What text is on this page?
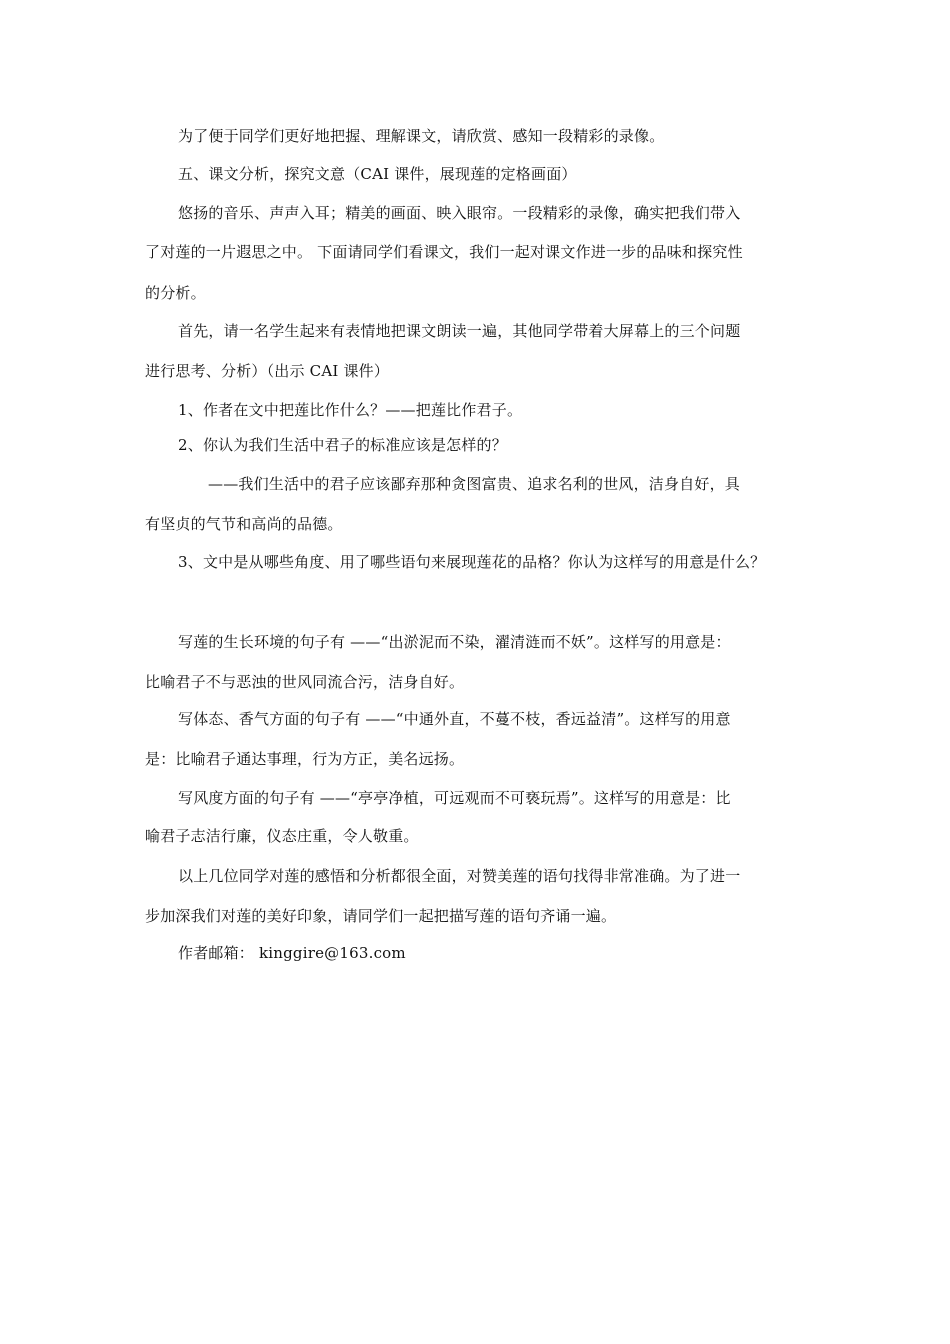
为了便于同学们更好地把握、理解课文，请欣赏、感知一段精彩的录像。
五、课文分析，探究文意（CAI 课件，展现莲的定格画面）
悠扬的音乐、声声入耳；精美的画面、映入眼帘。一段精彩的录像，确实把我们带入
了对莲的一片遐思之中。 下面请同学们看课文，我们一起对课文作进一步的品味和探究性
的分析。
首先，请一名学生起来有表情地把课文朗读一遍，其他同学带着大屏幕上的三个问题
进行思考、分析）（出示 CAI 课件）
1、作者在文中把莲比作什么？——把莲比作君子。
2、你认为我们生活中君子的标准应该是怎样的？
——我们生活中的君子应该鄙弃那种贪图富贵、追求名利的世风，洁身自好，具
有坚贞的气节和高尚的品德。
3、文中是从哪些角度、用了哪些语句来展现莲花的品格？你认为这样写的用意是什么？
写莲的生长环境的句子有 ——“出淤泥而不染，濯清涟而不妖”。这样写的用意是：
比喻君子不与恶浊的世风同流合污，洁身自好。
写体态、香气方面的句子有 ——“中通外直，不蔓不枝，香远益清”。这样写的用意
是：比喻君子通达事理，行为方正，美名远扬。
写风度方面的句子有 ——“亭亭净植，可远观而不可亵玩焉”。这样写的用意是：比
喻君子志洁行廉，仪态庄重，令人敬重。
以上几位同学对莲的感悟和分析都很全面，对赞美莲的语句找得非常准确。为了进一
步加深我们对莲的美好印象，请同学们一起把描写莲的语句齐诵一遍。
作者邮箱： kinggire@163.com
